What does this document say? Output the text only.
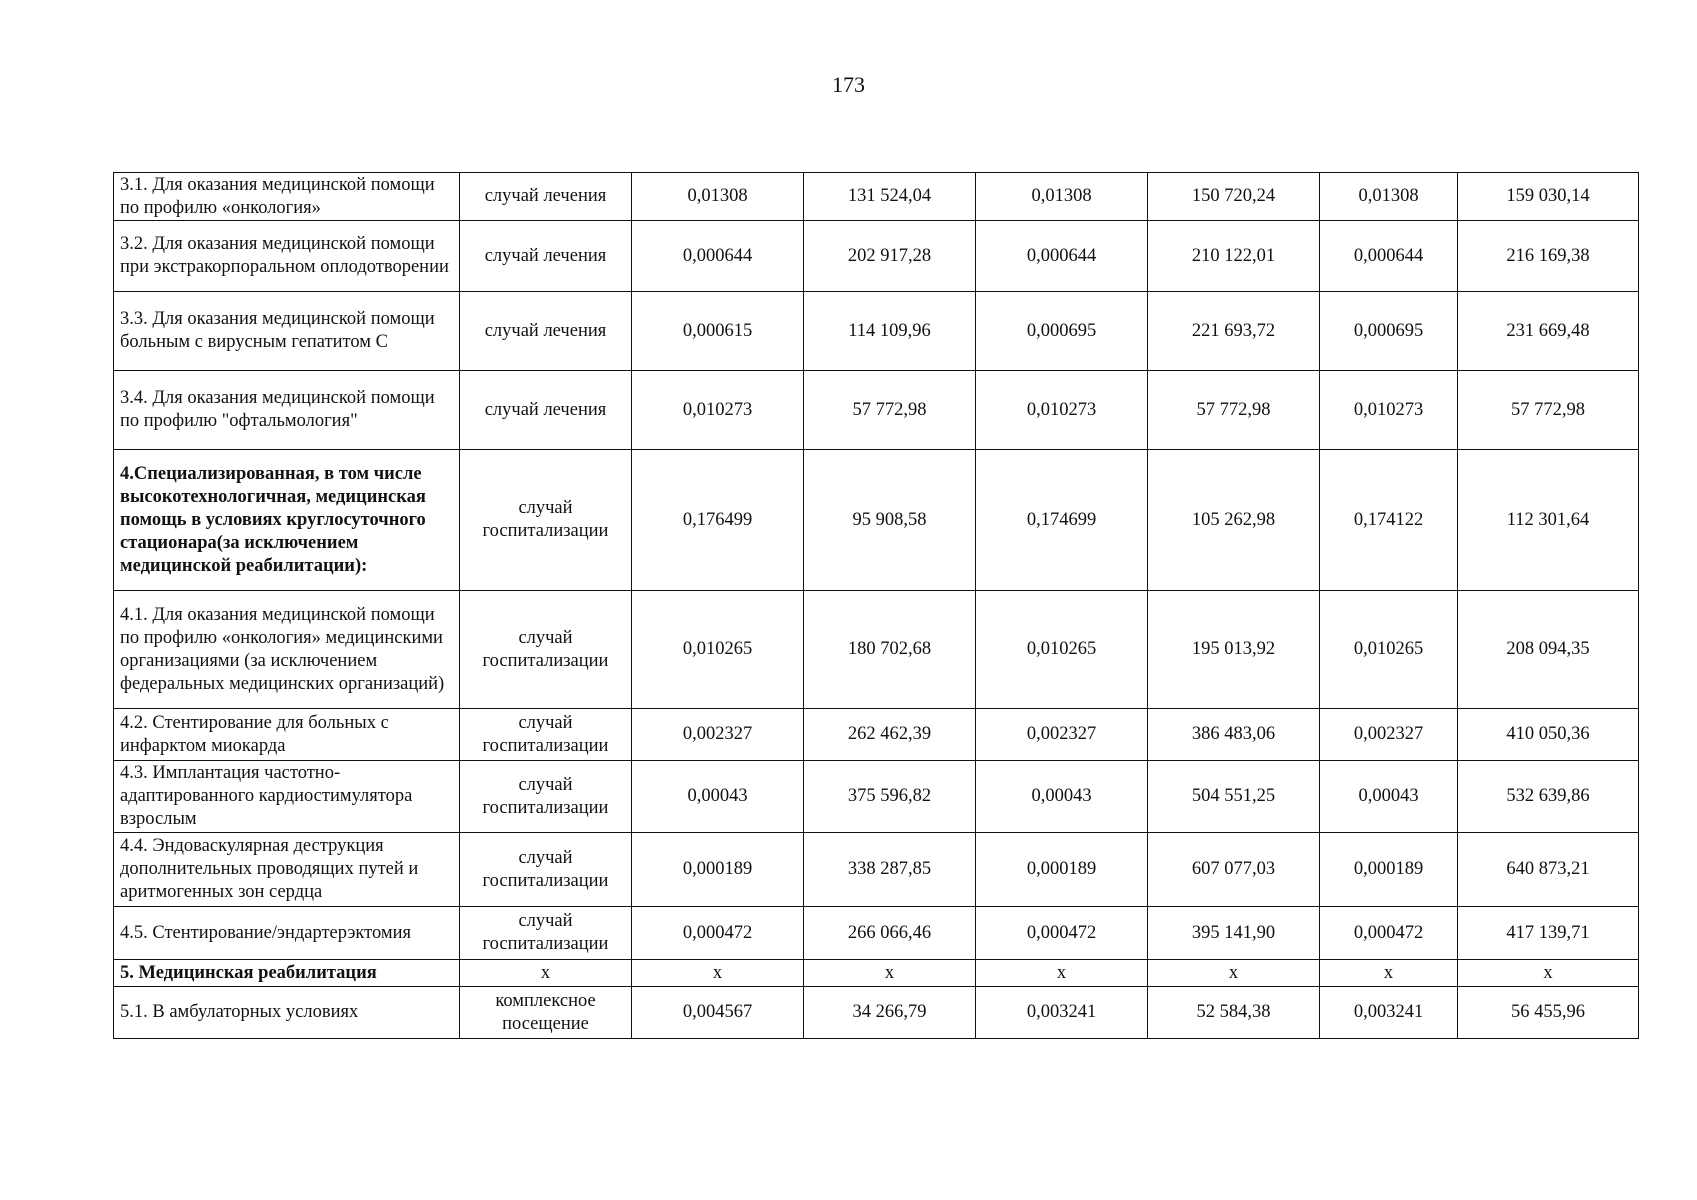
173
3.1. Для оказания медицинской помощи по профилю «онкология»	случай лечения	0,01308	131 524,04	0,01308	150 720,24	0,01308	159 030,14
3.2. Для оказания медицинской помощи при экстракорпоральном оплодотворении	случай лечения	0,000644	202 917,28	0,000644	210 122,01	0,000644	216 169,38
3.3. Для оказания медицинской помощи больным с вирусным гепатитом С	случай лечения	0,000615	114 109,96	0,000695	221 693,72	0,000695	231 669,48
3.4. Для оказания медицинской помощи по профилю "офтальмология"	случай лечения	0,010273	57 772,98	0,010273	57 772,98	0,010273	57 772,98
4.Специализированная, в том числе высокотехнологичная, медицинская помощь в условиях круглосуточного стационара(за исключением медицинской реабилитации):	случай госпитализации	0,176499	95 908,58	0,174699	105 262,98	0,174122	112 301,64
4.1. Для оказания медицинской помощи по профилю «онкология» медицинскими организациями (за исключением федеральных медицинских организаций)	случай госпитализации	0,010265	180 702,68	0,010265	195 013,92	0,010265	208 094,35
4.2. Стентирование для больных с инфарктом миокарда	случай госпитализации	0,002327	262 462,39	0,002327	386 483,06	0,002327	410 050,36
4.3. Имплантация частотно-адаптированного кардиостимулятора взрослым	случай госпитализации	0,00043	375 596,82	0,00043	504 551,25	0,00043	532 639,86
4.4. Эндоваскулярная деструкция дополнительных проводящих путей и аритмогенных зон сердца	случай госпитализации	0,000189	338 287,85	0,000189	607 077,03	0,000189	640 873,21
4.5. Стентирование/эндартерэктомия	случай госпитализации	0,000472	266 066,46	0,000472	395 141,90	0,000472	417 139,71
5. Медицинская реабилитация	х	х	х	х	х	х	х
5.1. В амбулаторных условиях	комплексное посещение	0,004567	34 266,79	0,003241	52 584,38	0,003241	56 455,96
